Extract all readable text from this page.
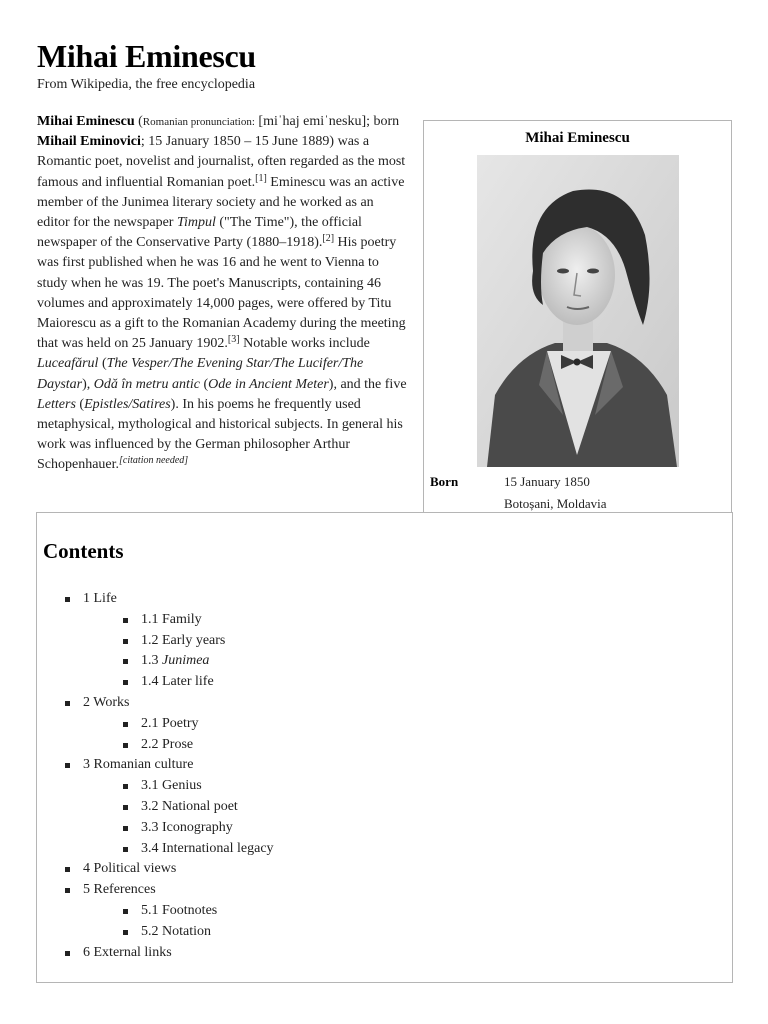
Mihai Eminescu
From Wikipedia, the free encyclopedia

Mihai Eminescu (Romanian pronunciation: [miˈhaj emiˈnesku]; born Mihail Eminovici; 15 January 1850 – 15 June 1889) was a Romantic poet, novelist and journalist, often regarded as the most famous and influential Romanian poet.[1] Eminescu was an active member of the Junimea literary society and he worked as an editor for the newspaper Timpul ("The Time"), the official newspaper of the Conservative Party (1880–1918).[2] His poetry was first published when he was 16 and he went to Vienna to study when he was 19. The poet's Manuscripts, containing 46 volumes and approximately 14,000 pages, were offered by Titu Maiorescu as a gift to the Romanian Academy during the meeting that was held on 25 January 1902.[3] Notable works include Luceafărul (The Vesper/The Evening Star/The Lucifer/The Daystar), Odă în metru antic (Ode in Ancient Meter), and the five Letters (Epistles/Satires). In his poems he frequently used metaphysical, mythological and historical subjects. In general his work was influenced by the German philosopher Arthur Schopenhauer.[citation needed]

Mihai Eminescu
Born	15 January 1850
Botoșani, Moldavia
Contents
1 Life
1.1 Family
1.2 Early years
1.3 Junimea
1.4 Later life
2 Works
2.1 Poetry
2.2 Prose
3 Romanian culture
3.1 Genius
3.2 National poet
3.3 Iconography
3.4 International legacy
4 Political views
5 References
5.1 Footnotes
5.2 Notation
6 External links
